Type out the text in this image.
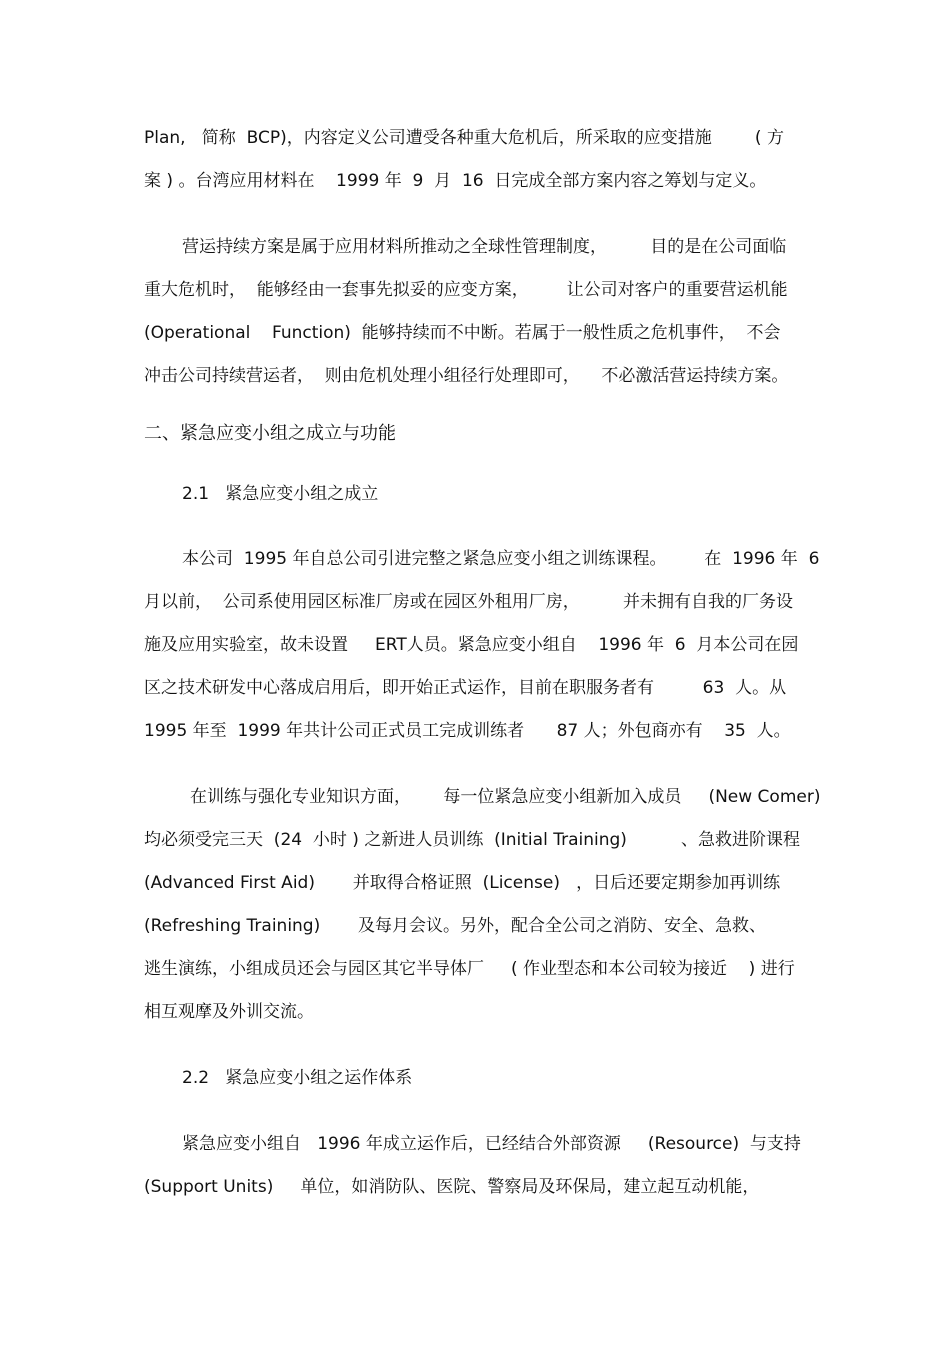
Plan,   简称  BCP)，内容定义公司遭受各种重大危机后，所采取的应变措施        ( 方
案 ) 。台湾应用材料在    1999 年  9  月  16  日完成全部方案内容之筹划与定义。
营运持续方案是属于应用材料所推动之全球性管理制度，        目的是在公司面临
重大危机时，  能够经由一套事先拟妥的应变方案，       让公司对客户的重要营运机能
(Operational    Function)  能够持续而不中断。若属于一般性质之危机事件，  不会
冲击公司持续营运者，  则由危机处理小组径行处理即可，    不必激活营运持续方案。
二、紧急应变小组之成立与功能
2.1   紧急应变小组之成立
本公司  1995 年自总公司引进完整之紧急应变小组之训练课程。       在  1996 年  6
月以前，  公司系使用园区标准厂房或在园区外租用厂房，        并未拥有自我的厂务设
施及应用实验室，故未设置     ERT人员。紧急应变小组自    1996 年  6  月本公司在园
区之技术研发中心落成启用后，即开始正式运作，目前在职服务者有         63  人。从
1995 年至  1999 年共计公司正式员工完成训练者      87 人；外包商亦有    35  人。
在训练与强化专业知识方面，      每一位紧急应变小组新加入成员     (New Comer)
均必须受完三天  (24  小时 ) 之新进人员训练  (Initial Training)          、急救进阶课程
(Advanced First Aid)       并取得合格证照  (License)   ，日后还要定期参加再训练
(Refreshing Training)       及每月会议。另外，配合全公司之消防、安全、急救、
逃生演练，小组成员还会与园区其它半导体厂     ( 作业型态和本公司较为接近    ) 进行
相互观摩及外训交流。
2.2   紧急应变小组之运作体系
紧急应变小组自   1996 年成立运作后，已经结合外部资源     (Resource)  与支持
(Support Units)     单位，如消防队、医院、警察局及环保局，建立起互动机能，
